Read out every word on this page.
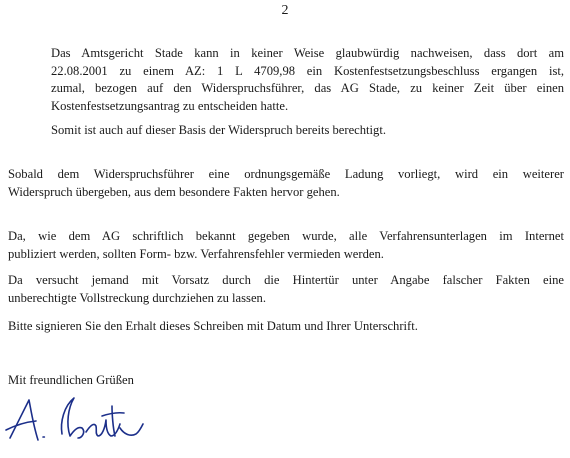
2
Das Amtsgericht Stade kann in keiner Weise glaubwürdig nachweisen, dass dort am
22.08.2001 zu einem AZ: 1 L 4709,98 ein Kostenfestsetzungsbeschluss ergangen ist,
zumal, bezogen auf den Widerspruchsführer, das AG Stade, zu keiner Zeit über einen
Kostenfestsetzungsantrag zu entscheiden hatte.
Somit ist auch auf dieser Basis der Widerspruch bereits berechtigt.
Sobald dem Widerspruchsführer eine ordnungsgemäße Ladung vorliegt, wird ein weiterer
Widerspruch übergeben, aus dem besondere Fakten hervor gehen.
Da, wie dem AG schriftlich bekannt gegeben wurde, alle Verfahrensunterlagen im Internet
publiziert werden, sollten Form- bzw. Verfahrensfehler vermieden werden.
Da versucht jemand mit Vorsatz durch die Hintertür unter Angabe falscher Fakten eine
unberechtigte Vollstreckung durchziehen zu lassen.
Bitte signieren Sie den Erhalt dieses Schreiben mit Datum und Ihrer Unterschrift.

Mit freundlichen Grüßen
